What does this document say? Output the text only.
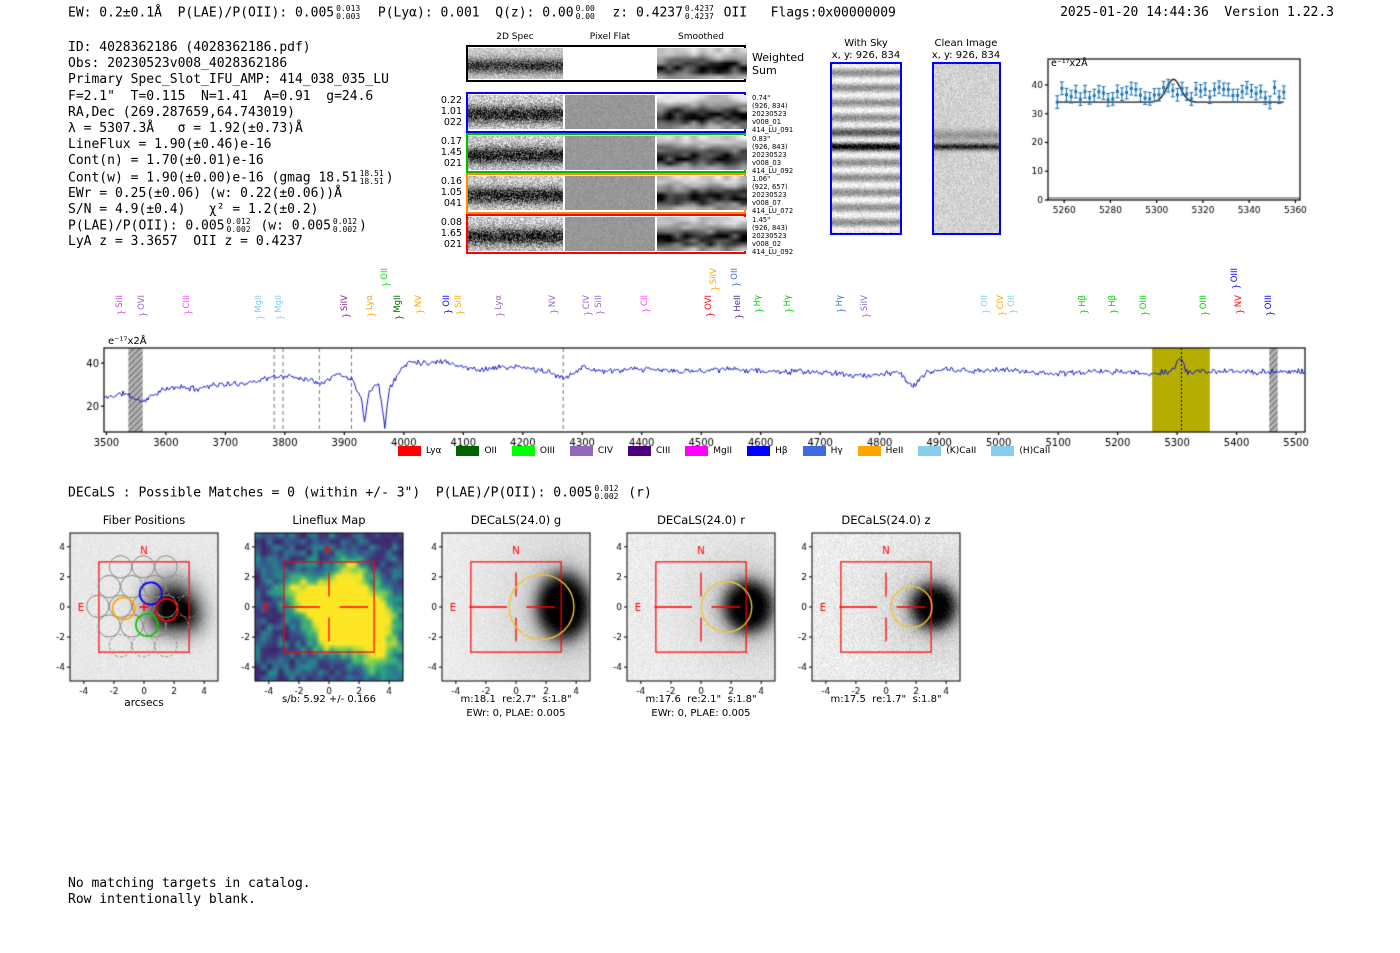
EW: 0.2±0.1Å  P(LAE)/P(OII): 0.005 0.013
0.003 P(Lyα): 0.001  Q(z): 0.00 0.00
0.00 z: 0.4237 0.4237
0.4237 OII   Flags:0x00000009	2025-01-20 14:44:36  Version 1.22.3
ID: 4028362186 (4028362186.pdf)
Obs: 20230523v008_4028362186
Primary Spec_Slot_IFU_AMP: 414_038_035_LU
F=2.1"  T=0.115  N=1.41  A=0.91  g=24.6
RA,Dec (269.287659,64.743019)
λ = 5307.3Å   σ = 1.92(±0.73)Å
LineFlux = 1.90(±0.46)e-16
Cont(n) = 1.70(±0.01)e-16
Cont(w) = 1.90(±0.00)e-16 (gmag 18.51 18.51
18.51 )
EWr = 0.25(±0.06) (w: 0.22(±0.06))Å
S/N = 4.9(±0.4)   χ² = 1.2(±0.2)
P(LAE)/P(OII): 0.005 0.012
0.002 (w: 0.005 0.012
0.002 )
LyA z = 3.3657  OII z = 0.4237
2D Spec	Pixel Flat	Smoothed
Weighted
Sum
0.22
1.01
022
0.74"
(926, 834)
20230523
v008_01
414_LU_091
0.17
1.45
021
0.83"
(926, 843)
20230523
v008_03
414_LU_092
0.16
1.05
041
1.06"
(922, 657)
20230523
v008_07
414_LU_072
0.08
1.65
021
1.45"
(926, 843)
20230523
v008_02
414_LU_092
With Sky
x, y: 926, 834
Clean Image
x, y: 926, 834
SiII
{
OVI
{
CIII
{
MgII
{
MgII
{
SiIV
{
Lyα
{
OII
{
MgII
{
NV
{
OII
{
SiII
{
Lyα
{
NV
{
CIV
{
SiII
{
CII
{
OVI
{
SiIV
{
OII
{
HeII
{
Hγ
{
Hγ
{
Hγ
{ SiIV
{
OII
{
CIV
{
OII
{
Hβ
{
Hβ
{
OIII
{
OIII
{
OIII
{
NV
{
OIII
{
Lyα	OII	OIII	CIV	CIII	MgII	Hβ	Hγ	HeII	(K)CaII	(H)CaII
DECaLS : Possible Matches = 0 (within +/- 3")  P(LAE)/P(OII): 0.005 0.012
0.002 (r)
Fiber Positions
arcsecs
Lineflux Map
s/b: 5.92 +/- 0.166
DECaLS(24.0) g
m:18.1  re:2.7"  s:1.8"
EWr: 0, PLAE: 0.005
DECaLS(24.0) r
m:17.6  re:2.1"  s:1.8"
EWr: 0, PLAE: 0.005
DECaLS(24.0) z
m:17.5  re:1.7"  s:1.8"
No matching targets in catalog.
Row intentionally blank.
